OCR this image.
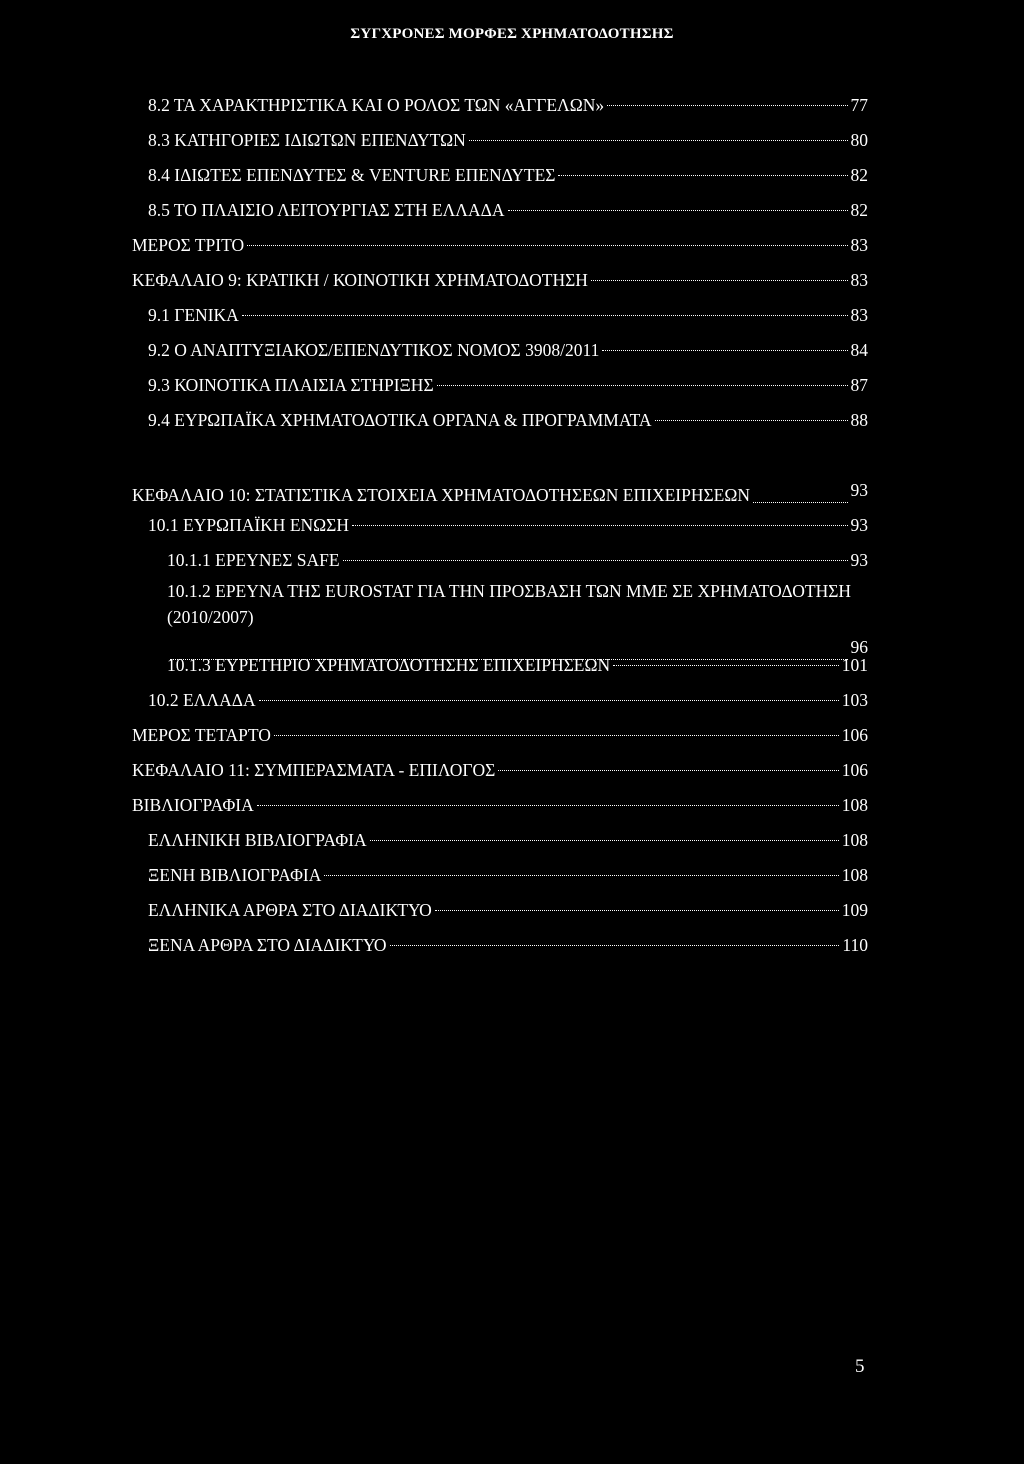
ΣΥΓΧΡΟΝΕΣ ΜΟΡΦΕΣ ΧΡΗΜΑΤΟΔΟΤΗΣΗΣ
8.2 ΤΑ ΧΑΡΑΚΤΗΡΙΣΤΙΚΑ ΚΑΙ Ο ΡΟΛΟΣ ΤΩΝ «ΑΓΓΕΛΩΝ»	77
8.3 ΚΑΤΗΓΟΡΙΕΣ ΙΔΙΩΤΩΝ ΕΠΕΝΔΥΤΩΝ	80
8.4 ΙΔΙΩΤΕΣ ΕΠΕΝΔΥΤΕΣ & VENTURE ΕΠΕΝΔΥΤΕΣ	82
8.5 ΤΟ ΠΛΑΙΣΙΟ ΛΕΙΤΟΥΡΓΙΑΣ ΣΤΗ ΕΛΛΑΔΑ	82
ΜΕΡΟΣ ΤΡΙΤΟ	83
ΚΕΦΑΛΑΙΟ 9: ΚΡΑΤΙΚΗ / ΚΟΙΝΟΤΙΚΗ ΧΡΗΜΑΤΟΔΟΤΗΣΗ	83
9.1 ΓΕΝΙΚΑ	83
9.2 Ο ΑΝΑΠΤΥΞΙΑΚΟΣ/ΕΠΕΝΔΥΤΙΚΟΣ ΝΟΜΟΣ 3908/2011	84
9.3 ΚΟΙΝΟΤΙΚΑ ΠΛΑΙΣΙΑ ΣΤΗΡΙΞΗΣ	87
9.4 ΕΥΡΩΠΑΪΚΑ ΧΡΗΜΑΤΟΔΟΤΙΚΑ ΟΡΓΑΝΑ & ΠΡΟΓΡΑΜΜΑΤΑ	88
ΚΕΦΑΛΑΙΟ 10: ΣΤΑΤΙΣΤΙΚΑ ΣΤΟΙΧΕΙΑ ΧΡΗΜΑΤΟΔΟΤΗΣΕΩΝ ΕΠΙΧΕΙΡΗΣΕΩΝ	93
10.1 ΕΥΡΩΠΑΪΚΗ ΕΝΩΣΗ	93
10.1.1 ΕΡΕΥΝΕΣ SAFE	93
10.1.2 ΕΡΕΥΝΑ ΤΗΣ EUROSTAT ΓΙΑ ΤΗΝ ΠΡΟΣΒΑΣΗ ΤΩΝ ΜΜΕ ΣΕ ΧΡΗΜΑΤΟΔΟΤΗΣΗ (2010/2007)
96
10.1.3 ΕΥΡΕΤΗΡΙΟ ΧΡΗΜΑΤΟΔΟΤΗΣΗΣ ΕΠΙΧΕΙΡΗΣΕΩΝ	101
10.2 ΕΛΛΑΔΑ	103
ΜΕΡΟΣ ΤΕΤΑΡΤΟ	106
ΚΕΦΑΛΑΙΟ 11: ΣΥΜΠΕΡΑΣΜΑΤΑ - ΕΠΙΛΟΓΟΣ	106
ΒΙΒΛΙΟΓΡΑΦΙΑ	108
ΕΛΛΗΝΙΚΗ ΒΙΒΛΙΟΓΡΑΦΙΑ	108
ΞΕΝΗ ΒΙΒΛΙΟΓΡΑΦΙΑ	108
ΕΛΛΗΝΙΚΑ ΑΡΘΡΑ ΣΤΟ ΔΙΑΔΙΚΤΥΟ	109
ΞΕΝΑ ΑΡΘΡΑ ΣΤΟ ΔΙΑΔΙΚΤΥΟ	110
5
